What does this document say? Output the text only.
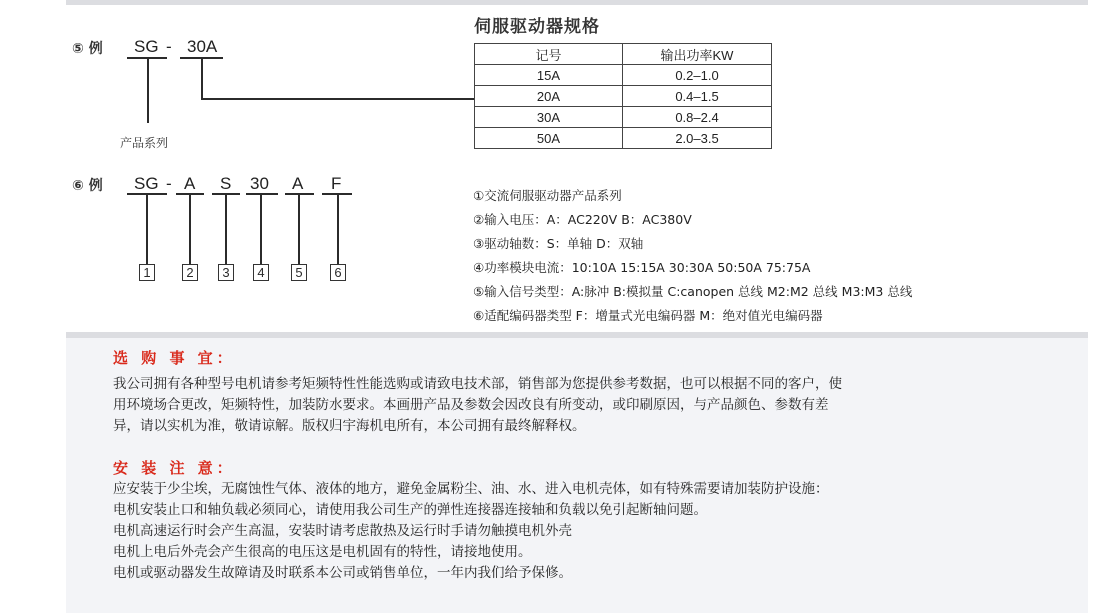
⑤ 例 SG - 30A
产品系列
伺服驱动器规格
记号	输出功率KW
15A	0.2–1.0
20A	0.4–1.5
30A	0.8–2.4
50A	2.0–3.5
⑥ 例 SG - A S 30 A F
1	2	3	4	5	6
①交流伺服驱动器产品系列
②输入电压：A：AC220V B：AC380V
③驱动轴数：S：单轴 D：双轴
④功率模块电流：10:10A 15:15A 30:30A 50:50A 75:75A
⑤输入信号类型：A:脉冲 B:模拟量 C:canopen 总线 M2:M2 总线 M3:M3 总线
⑥适配编码器类型 F：增量式光电编码器 M：绝对值光电编码器
选 购 事 宜：
我公司拥有各种型号电机请参考矩频特性性能选购或请致电技术部，销售部为您提供参考数据，也可以根据不同的客户，使
用环境场合更改，矩频特性，加装防水要求。本画册产品及参数会因改良有所变动，或印刷原因，与产品颜色、参数有差
异，请以实机为准，敬请谅解。版权归宇海机电所有，本公司拥有最终解释权。
安 装 注 意：
应安装于少尘埃，无腐蚀性气体、液体的地方，避免金属粉尘、油、水、进入电机壳体，如有特殊需要请加装防护设施：
电机安装止口和轴负载必须同心，请使用我公司生产的弹性连接器连接轴和负载以免引起断轴问题。
电机高速运行时会产生高温，安装时请考虑散热及运行时手请勿触摸电机外壳
电机上电后外壳会产生很高的电压这是电机固有的特性，请接地使用。
电机或驱动器发生故障请及时联系本公司或销售单位，一年内我们给予保修。
